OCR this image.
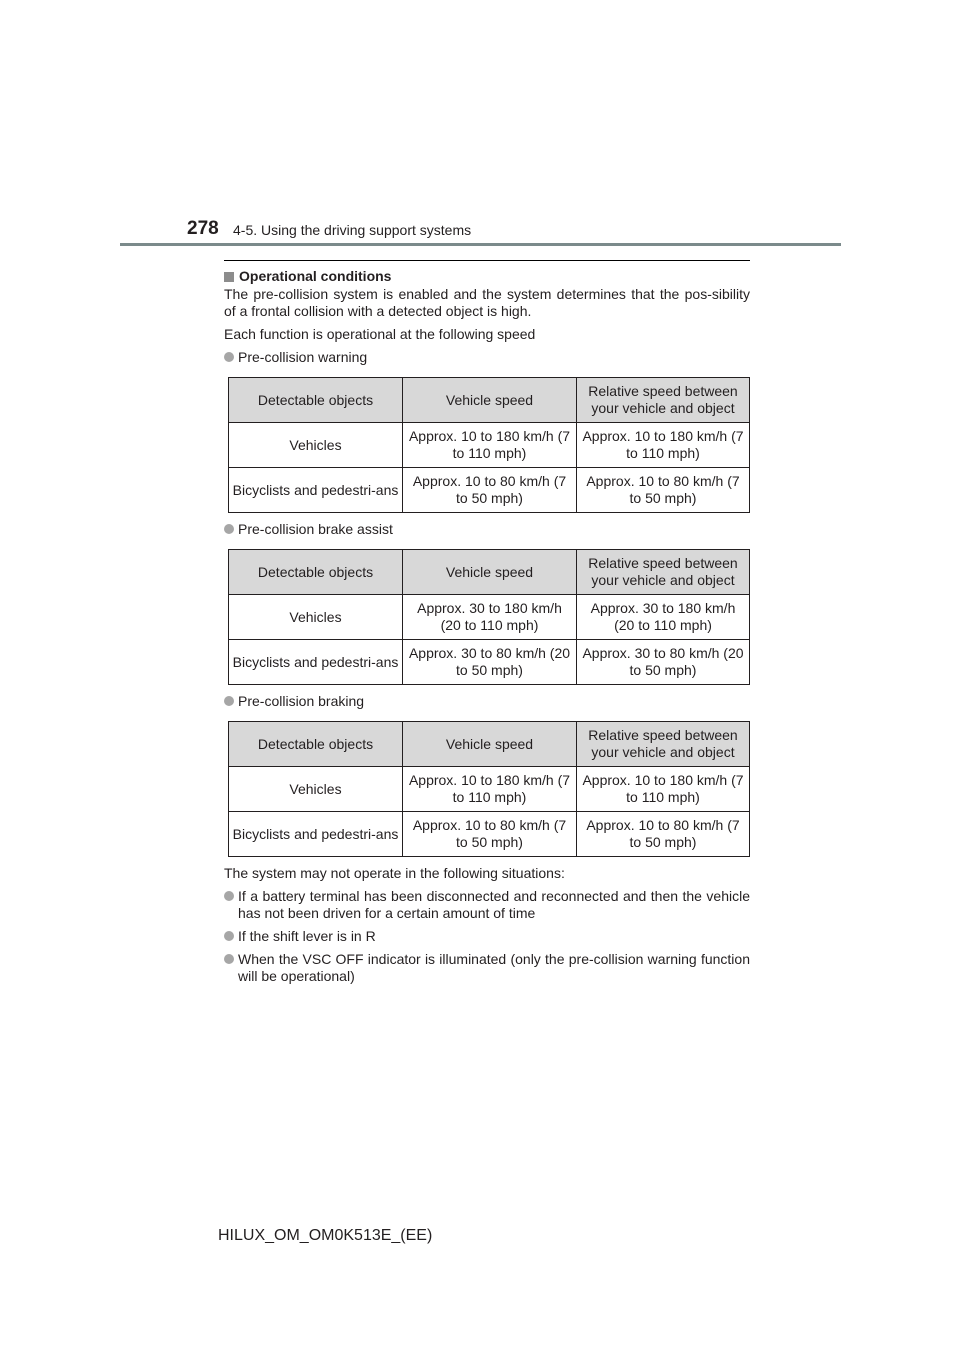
278 4-5. Using the driving support systems
Operational conditions
The pre-collision system is enabled and the system determines that the pos-sibility of a frontal collision with a detected object is high.
Each function is operational at the following speed
Pre-collision warning
Detectable objects	Vehicle speed	Relative speed between your vehicle and object
Vehicles	Approx. 10 to 180 km/h (7 to 110 mph)	Approx. 10 to 180 km/h (7 to 110 mph)
Bicyclists and pedestri-ans	Approx. 10 to 80 km/h (7 to 50 mph)	Approx. 10 to 80 km/h (7 to 50 mph)
Pre-collision brake assist
Detectable objects	Vehicle speed	Relative speed between your vehicle and object
Vehicles	Approx. 30 to 180 km/h (20 to 110 mph)	Approx. 30 to 180 km/h (20 to 110 mph)
Bicyclists and pedestri-ans	Approx. 30 to 80 km/h (20 to 50 mph)	Approx. 30 to 80 km/h (20 to 50 mph)
Pre-collision braking
Detectable objects	Vehicle speed	Relative speed between your vehicle and object
Vehicles	Approx. 10 to 180 km/h (7 to 110 mph)	Approx. 10 to 180 km/h (7 to 110 mph)
Bicyclists and pedestri-ans	Approx. 10 to 80 km/h (7 to 50 mph)	Approx. 10 to 80 km/h (7 to 50 mph)
The system may not operate in the following situations:
If a battery terminal has been disconnected and reconnected and then the vehicle has not been driven for a certain amount of time
If the shift lever is in R
When the VSC OFF indicator is illuminated (only the pre-collision warning function will be operational)
HILUX_OM_OM0K513E_(EE)
